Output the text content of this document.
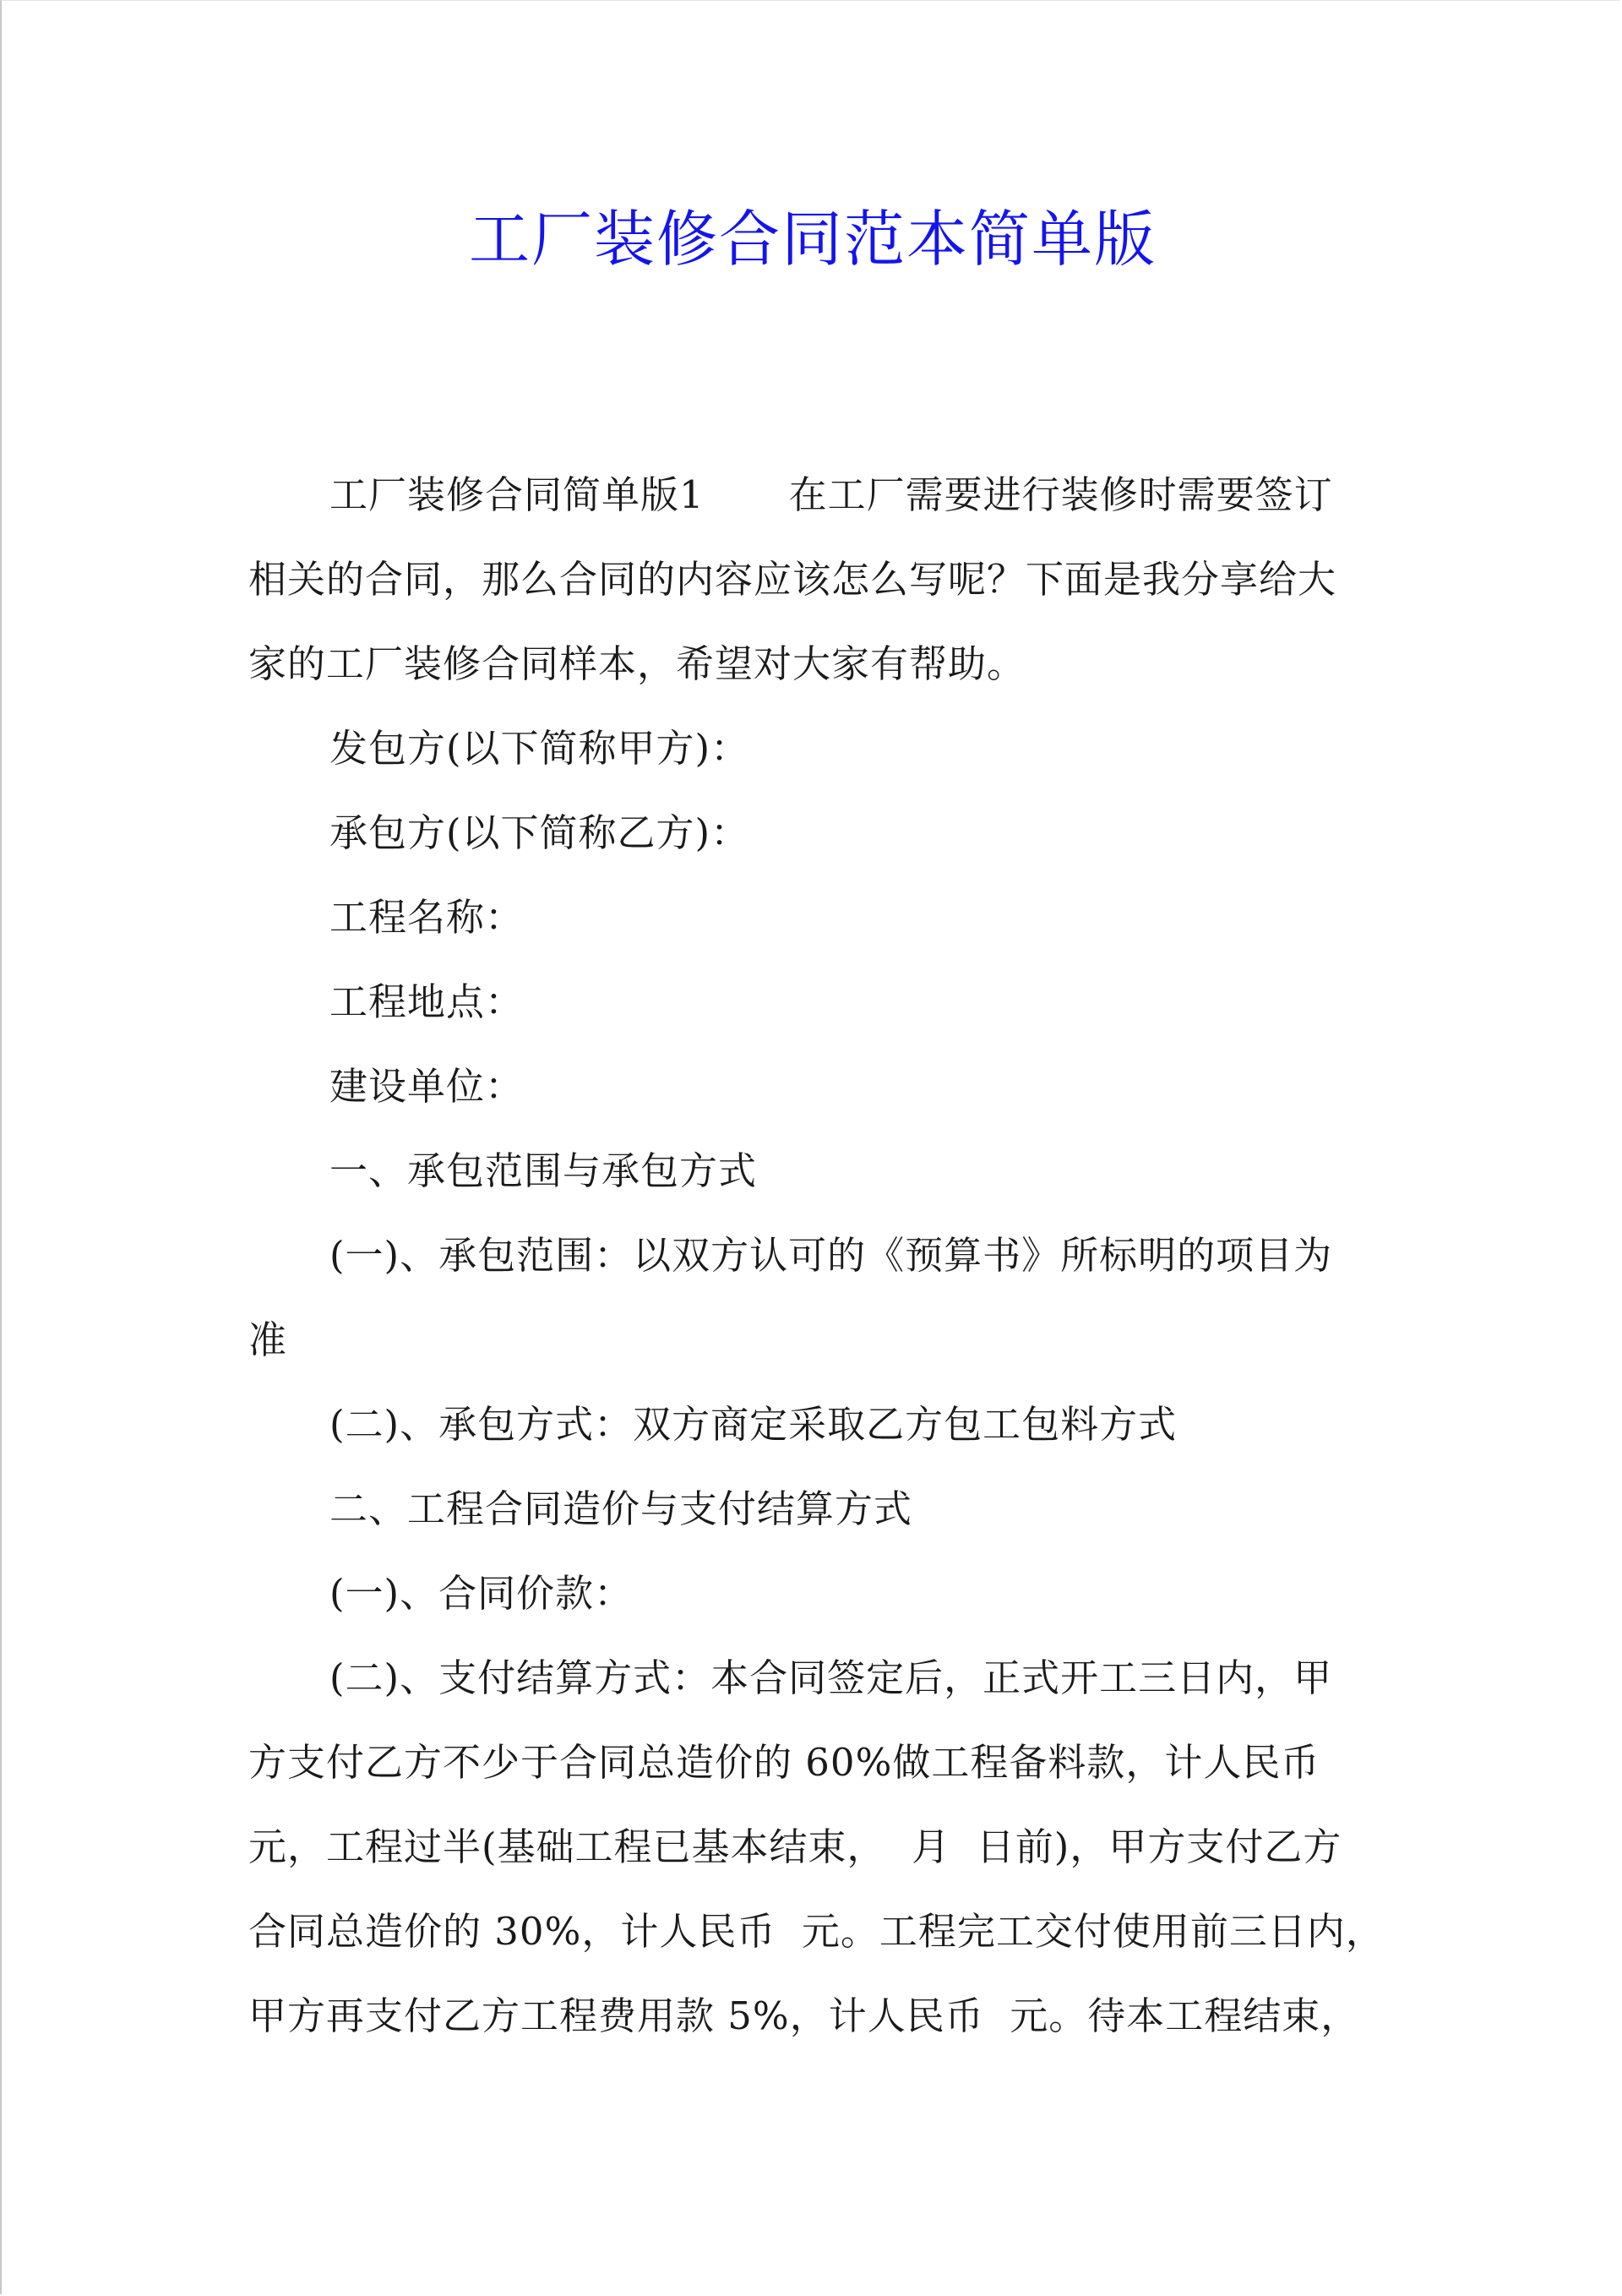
工厂装修合同范本简单版
工厂装修合同简单版1 在工厂需要进行装修时需要签订
相关的合同，那么合同的内容应该怎么写呢？下面是我分享给大
家的工厂装修合同样本，希望对大家有帮助。
发包方(以下简称甲方)：
承包方(以下简称乙方)：
工程名称：
工程地点：
建设单位：
一、承包范围与承包方式
(一)、承包范围：以双方认可的《预算书》所标明的项目为
准
(二)、承包方式：双方商定采取乙方包工包料方式
二、工程合同造价与支付结算方式
(一)、合同价款：
(二)、支付结算方式：本合同签定后，正式开工三日内，甲
方支付乙方不少于合同总造价的 60%做工程备料款，计人民币
元，工程过半(基础工程已基本结束，  月  日前)，甲方支付乙方
合同总造价的 30%，计人民币  元。工程完工交付使用前三日内，
甲方再支付乙方工程费用款 5%，计人民币  元。待本工程结束，
